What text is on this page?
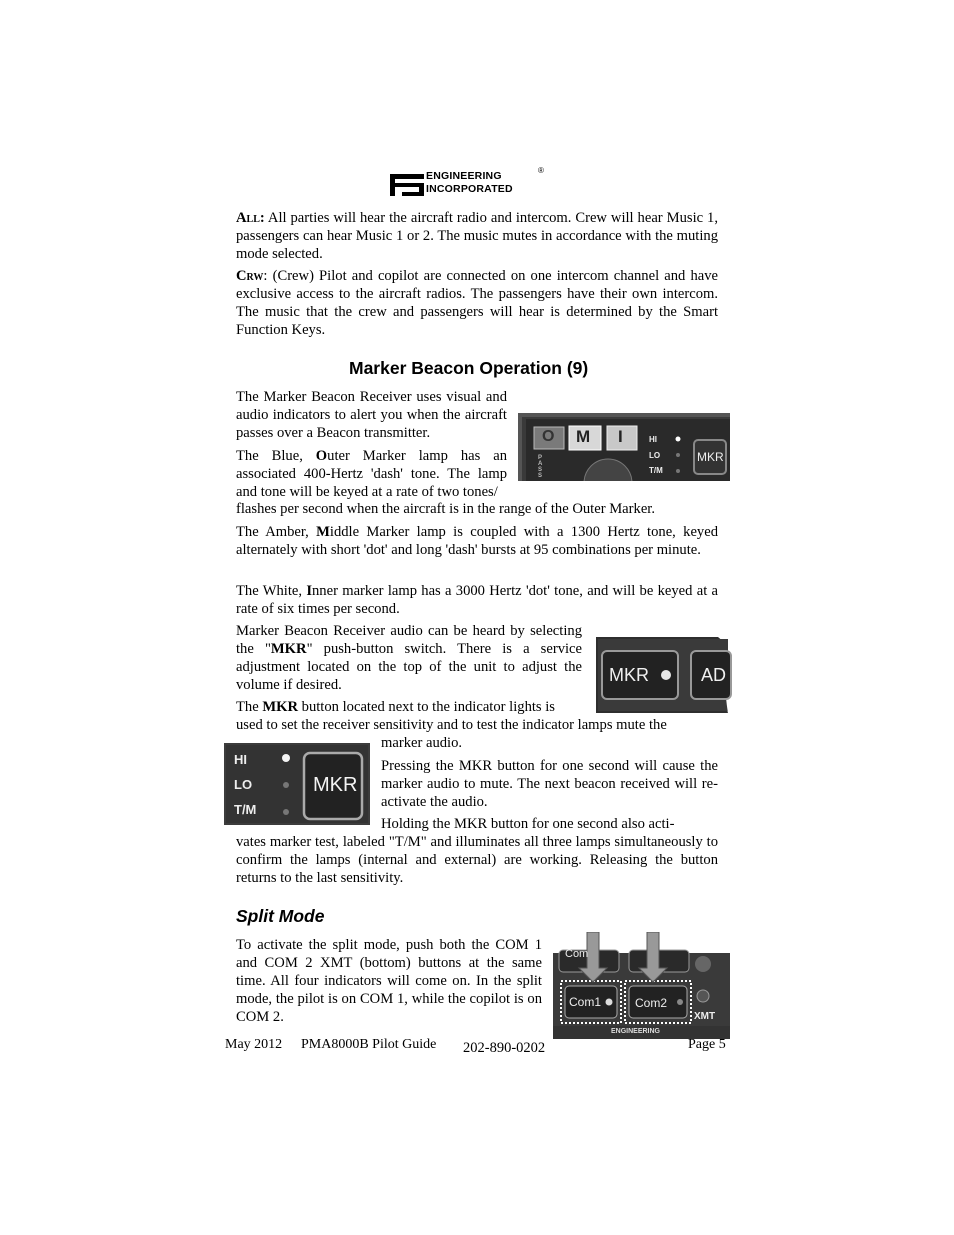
ENGINEERING
INCORPORATED
®

All: All parties will hear the aircraft radio and intercom. Crew will hear Music 1, passengers can hear Music 1 or 2. The music mutes in accordance with the muting mode selected.

Crw: (Crew) Pilot and copilot are connected on one intercom channel and have exclusive access to the aircraft radios. The passengers have their own intercom. The music that the crew and passengers will hear is determined by the Smart Function Keys.

Marker Beacon Operation (9)

The Marker Beacon Receiver uses visual and audio indicators to alert you when the aircraft passes over a Beacon transmitter.

The Blue, Outer Marker lamp has an associated 400-Hertz 'dash' tone. The lamp and tone will be keyed at a rate of two tones/

flashes per second when the aircraft is in the range of the Outer Marker.

O M I	HI
LO
T/M
MKR
PASS

The Amber, Middle Marker lamp is coupled with a 1300 Hertz tone, keyed alternately with short 'dot' and long 'dash' bursts at 95 combinations per minute.

The White, Inner marker lamp has a 3000 Hertz 'dot' tone, and will be keyed at a rate of six times per second.

Marker Beacon Receiver audio can be heard by selecting the "MKR" push-button switch. There is a service adjustment located on the top of the unit to adjust the volume if desired.	MKR	AD

The MKR button located next to the indicator lights is

used to set the receiver sensitivity and to test the indicator lamps mute the

marker audio.

HI
LO
T/M
MKR

Pressing the MKR button for one second will cause the marker audio to mute. The next beacon received will re-activate the audio.

Holding the MKR button for one second also acti-

vates marker test, labeled "T/M" and illuminates all three lamps simultaneously to confirm the lamps (internal and external) are working. Releasing the button returns to the last sensitivity.

Split Mode

To activate the split mode, push both the COM 1 and COM 2 XMT (bottom) buttons at the same time. All four indicators will come on. In the split mode, the pilot is on COM 1, while the copilot is on COM 2.

Com
Com1	Com2
XMT
ENGINEERING
May 2012 PMA8000B Pilot Guide 202-890-0202	Page 5
